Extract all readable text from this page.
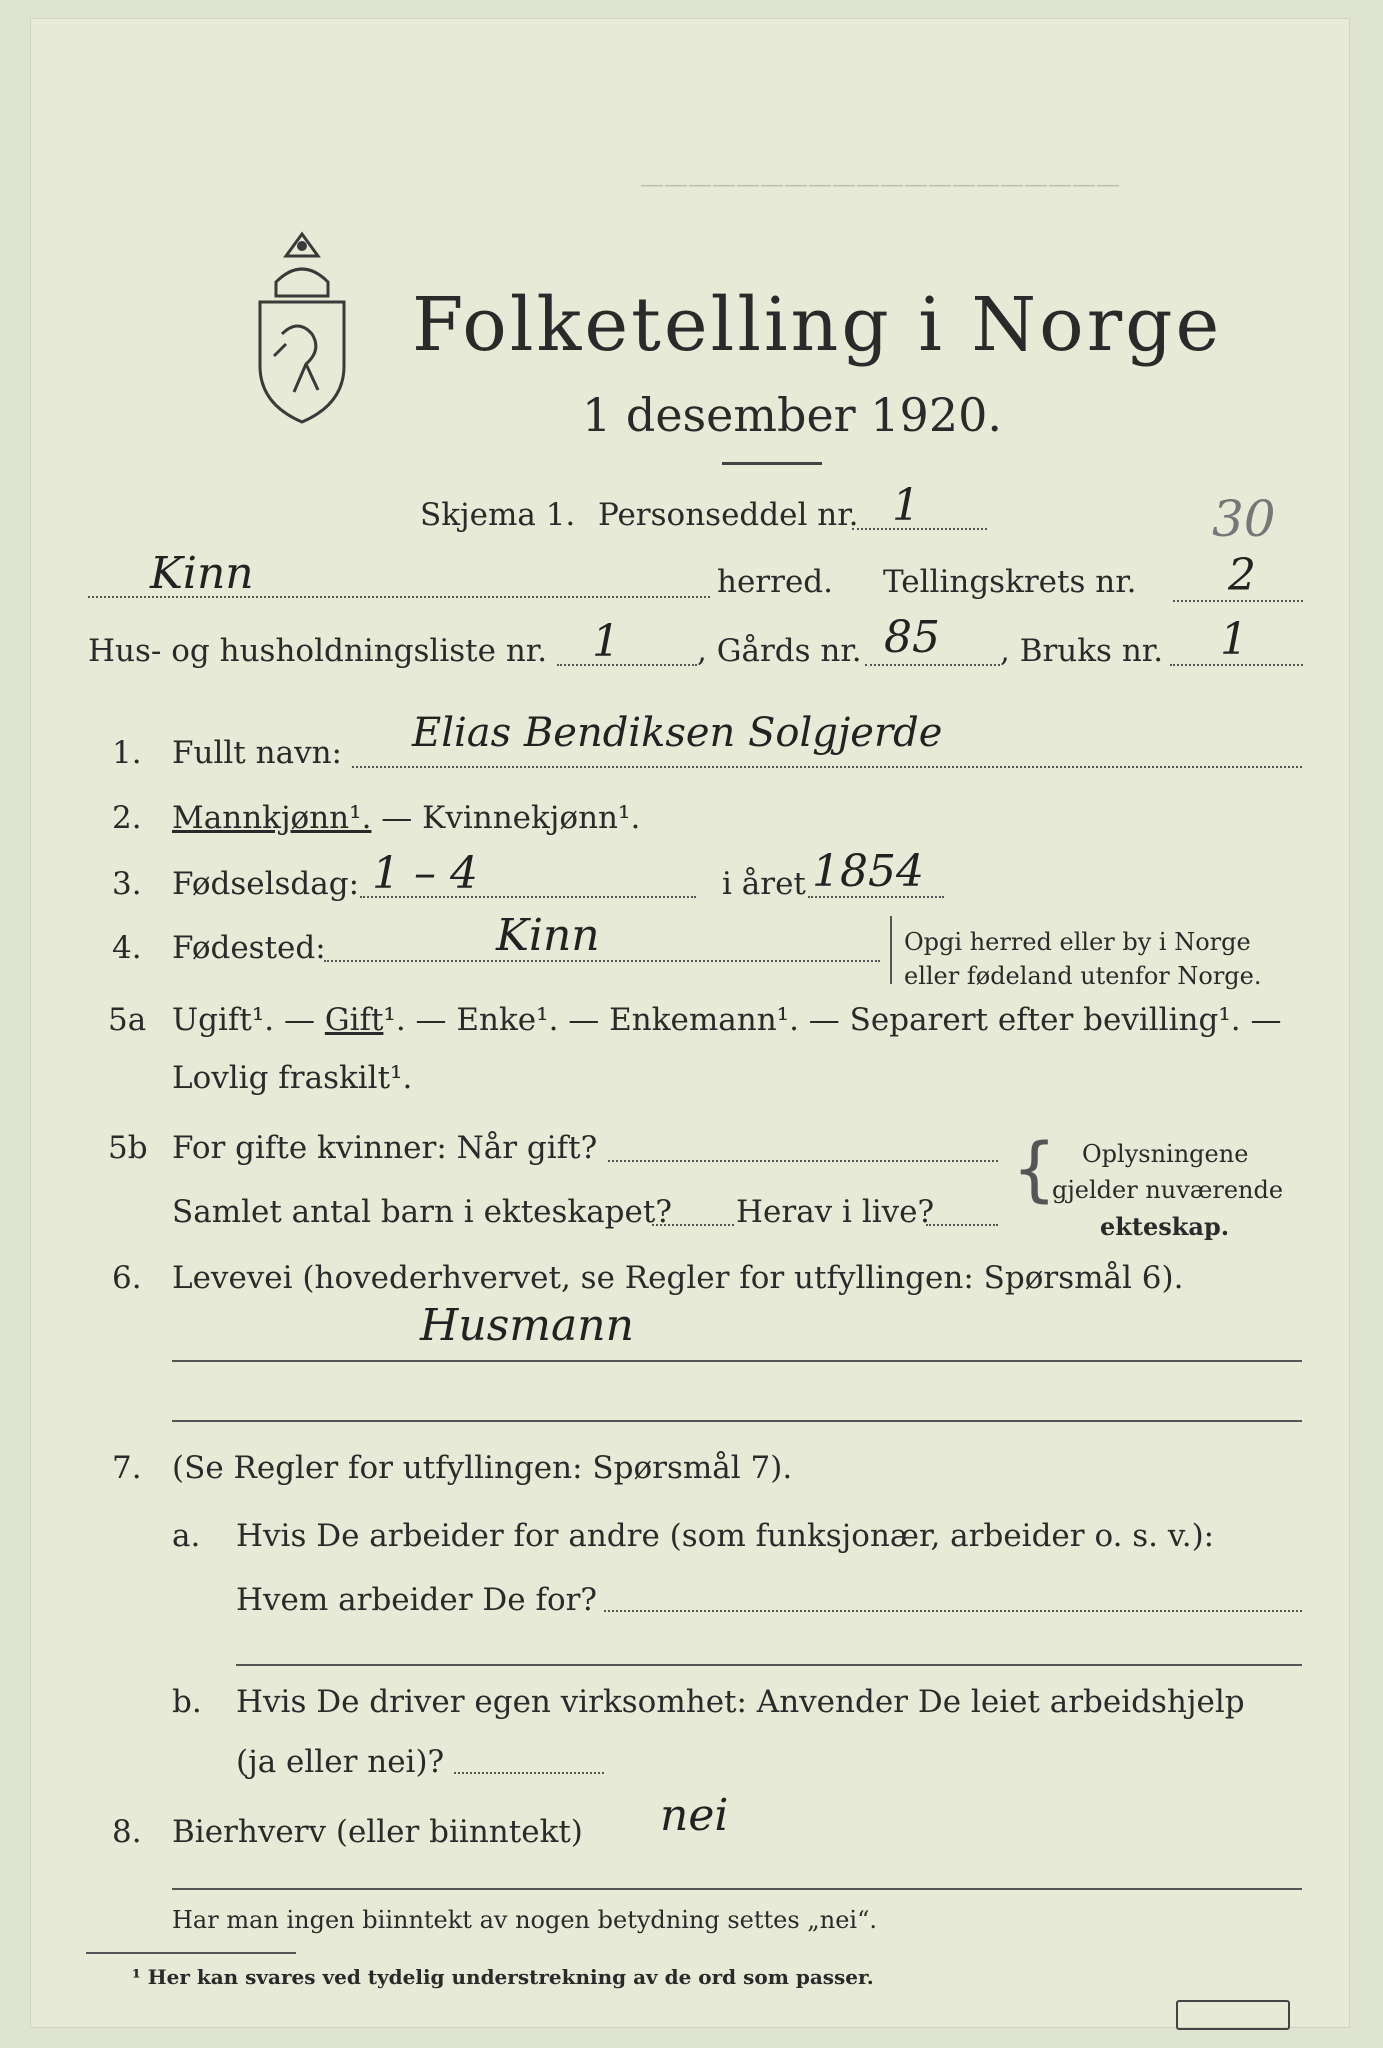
Folketelling i Norge
1 desember 1920.
————————————————————
Skjema 1. Personseddel nr. 1	30
Kinn	herred. Tellingskrets nr. 2
Hus- og husholdningsliste nr. 1 , Gårds nr. 85 , Bruks nr. 1
1. Fullt navn: Elias Bendiksen Solgjerde
2. Mannkjønn¹. — Kvinnekjønn¹.
3. Fødselsdag: 1 – 4	i året 1854
4. Fødested:	Kinn	Opgi herred eller by i Norge
eller fødeland utenfor Norge.
5a Ugift¹. — Gift¹. — Enke¹. — Enkemann¹. — Separert efter bevilling¹. —
Lovlig fraskilt¹.
5b For gifte kvinner: Når gift?
Samlet antal barn i ekteskapet? Herav i live?
{ Oplysningene
gjelder nuværende
ekteskap.
6. Levevei (hovederhvervet, se Regler for utfyllingen: Spørsmål 6).
Husmann
7. (Se Regler for utfyllingen: Spørsmål 7).
a. Hvis De arbeider for andre (som funksjonær, arbeider o. s. v.):
Hvem arbeider De for?
b. Hvis De driver egen virksomhet: Anvender De leiet arbeidshjelp
(ja eller nei)?
8. Bierhverv (eller biinntekt) nei
Har man ingen biinntekt av nogen betydning settes „nei“.
¹ Her kan svares ved tydelig understrekning av de ord som passer.
